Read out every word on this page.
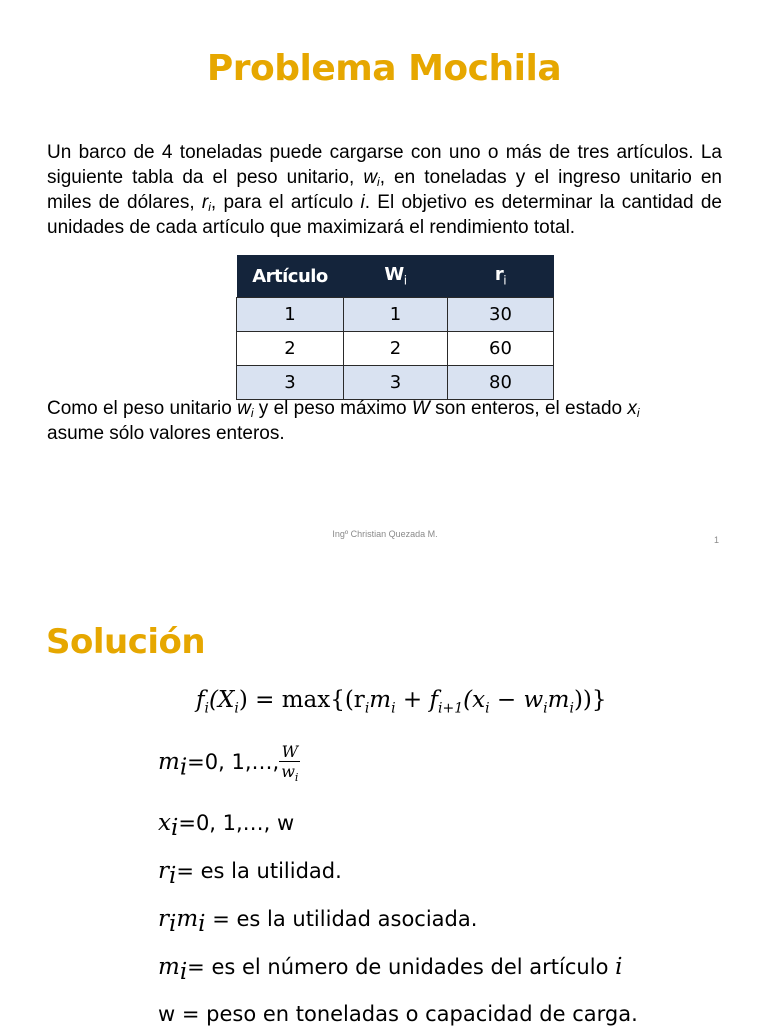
Problema Mochila
Un barco de 4 toneladas puede cargarse con uno o más de tres artículos. La siguiente tabla da el peso unitario, $w_i$, en toneladas y el ingreso unitario en miles de dólares, $r_i$, para el artículo i. El objetivo es determinar la cantidad de unidades de cada artículo que maximizará el rendimiento total.
Artículo	$W_i$	$r_i$
1	1	30
2	2	60
3	3	80
Como el peso unitario $w_i$ y el peso máximo W son enteros, el estado $x_i$
asume sólo valores enteros.
Ingº Christian Quezada M.
1
Solución
$f_i(X_i) = \max\{(r_im_i + f_{i+1}(x_i - w_im_i))\}$
$m_i=0$, 1,…, $\frac{W}{w_i}$
$x_i=0$, 1,…, w
$r_i=$ es la utilidad.
$r_im_i$ = es la utilidad asociada.
$m_i=$ es el número de unidades del artículo i
w = peso en toneladas o capacidad de carga.
